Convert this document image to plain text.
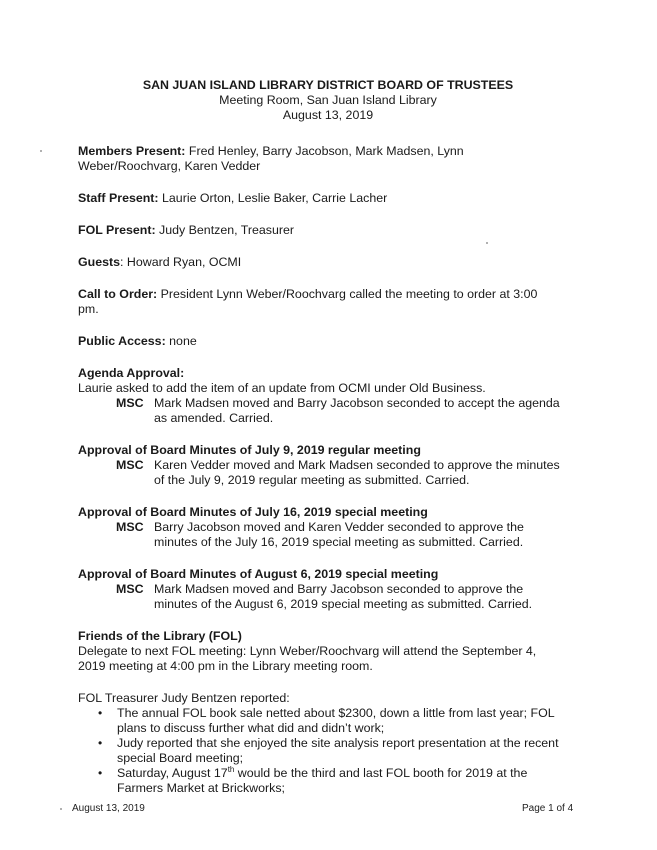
SAN JUAN ISLAND LIBRARY DISTRICT BOARD OF TRUSTEES
Meeting Room, San Juan Island Library
August 13, 2019
Members Present: Fred Henley, Barry Jacobson, Mark Madsen, Lynn
Weber/Roochvarg, Karen Vedder
Staff Present: Laurie Orton, Leslie Baker, Carrie Lacher
FOL Present: Judy Bentzen, Treasurer
Guests: Howard Ryan, OCMI
Call to Order: President Lynn Weber/Roochvarg called the meeting to order at 3:00
pm.
Public Access: none
Agenda Approval:
Laurie asked to add the item of an update from OCMI under Old Business.
MSC Mark Madsen moved and Barry Jacobson seconded to accept the agenda
as amended. Carried.
Approval of Board Minutes of July 9, 2019 regular meeting
MSC Karen Vedder moved and Mark Madsen seconded to approve the minutes
of the July 9, 2019 regular meeting as submitted. Carried.
Approval of Board Minutes of July 16, 2019 special meeting
MSC Barry Jacobson moved and Karen Vedder seconded to approve the
minutes of the July 16, 2019 special meeting as submitted. Carried.
Approval of Board Minutes of August 6, 2019 special meeting
MSC Mark Madsen moved and Barry Jacobson seconded to approve the
minutes of the August 6, 2019 special meeting as submitted. Carried.
Friends of the Library (FOL)
Delegate to next FOL meeting: Lynn Weber/Roochvarg will attend the September 4,
2019 meeting at 4:00 pm in the Library meeting room.
FOL Treasurer Judy Bentzen reported:
•	The annual FOL book sale netted about $2300, down a little from last year; FOL
plans to discuss further what did and didn’t work;
•	Judy reported that she enjoyed the site analysis report presentation at the recent
special Board meeting;
•	Saturday, August 17th would be the third and last FOL booth for 2019 at the
Farmers Market at Brickworks;
August 13, 2019	Page 1 of 4
